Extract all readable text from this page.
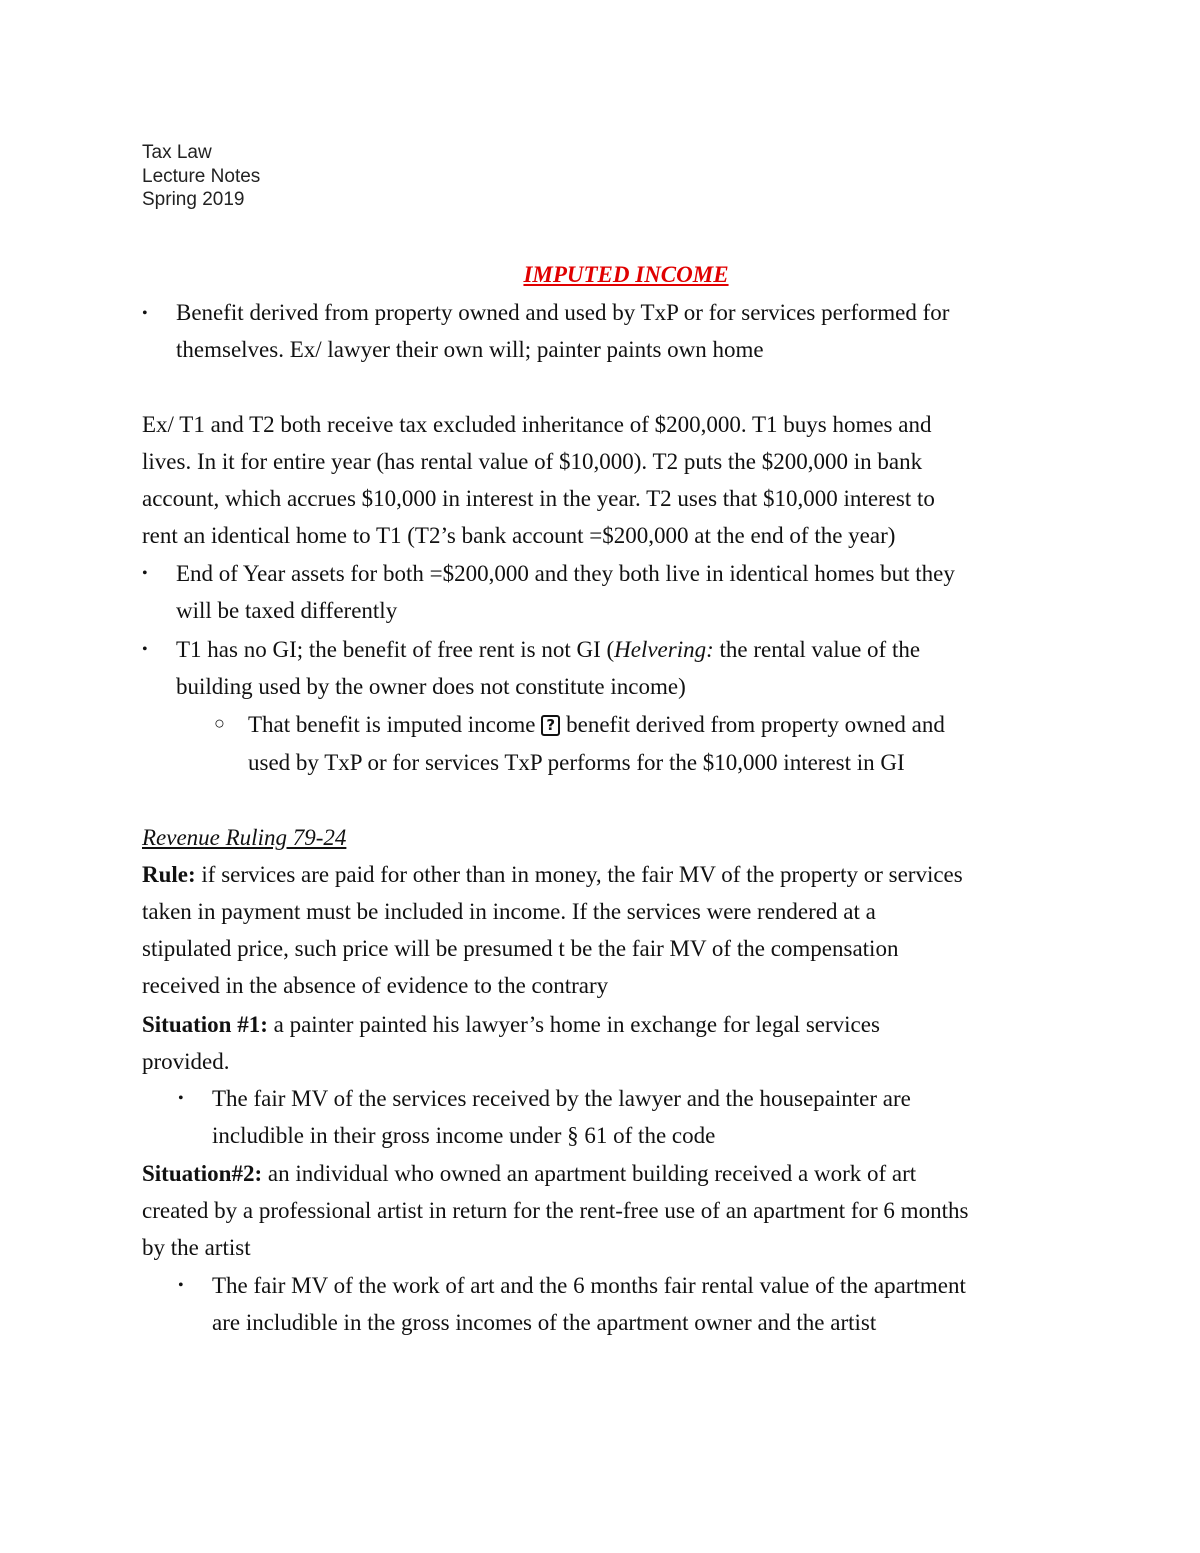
Tax Law
Lecture Notes
Spring 2019
IMPUTED INCOME
• Benefit derived from property owned and used by TxP or for services performed for
themselves. Ex/ lawyer their own will; painter paints own home
Ex/ T1 and T2 both receive tax excluded inheritance of $200,000. T1 buys homes and
lives. In it for entire year (has rental value of $10,000). T2 puts the $200,000 in bank
account, which accrues $10,000 in interest in the year. T2 uses that $10,000 interest to
rent an identical home to T1 (T2’s bank account =$200,000 at the end of the year)
• End of Year assets for both =$200,000 and they both live in identical homes but they
will be taxed differently
• T1 has no GI; the benefit of free rent is not GI (Helvering: the rental value of the
building used by the owner does not constitute income)
○ That benefit is imputed income ? benefit derived from property owned and
used by TxP or for services TxP performs for the $10,000 interest in GI
Revenue Ruling 79-24
Rule: if services are paid for other than in money, the fair MV of the property or services
taken in payment must be included in income. If the services were rendered at a
stipulated price, such price will be presumed t be the fair MV of the compensation
received in the absence of evidence to the contrary
Situation #1: a painter painted his lawyer’s home in exchange for legal services
provided.
• The fair MV of the services received by the lawyer and the housepainter are
includible in their gross income under § 61 of the code
Situation#2: an individual who owned an apartment building received a work of art
created by a professional artist in return for the rent-free use of an apartment for 6 months
by the artist
• The fair MV of the work of art and the 6 months fair rental value of the apartment
are includible in the gross incomes of the apartment owner and the artist
